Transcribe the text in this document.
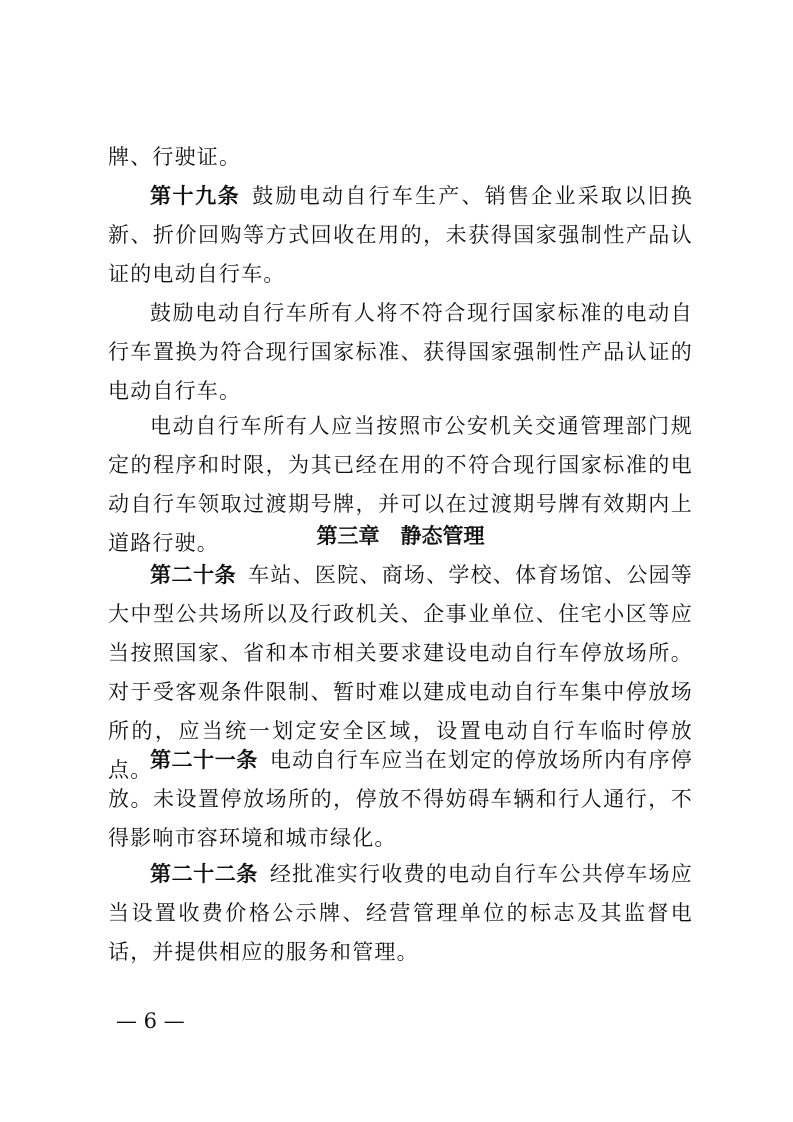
牌、行驶证。

第十九条 鼓励电动自行车生产、销售企业采取以旧换新、折价回购等方式回收在用的，未获得国家强制性产品认证的电动自行车。

鼓励电动自行车所有人将不符合现行国家标准的电动自行车置换为符合现行国家标准、获得国家强制性产品认证的电动自行车。

电动自行车所有人应当按照市公安机关交通管理部门规定的程序和时限，为其已经在用的不符合现行国家标准的电动自行车领取过渡期号牌，并可以在过渡期号牌有效期内上道路行驶。	第三章　静态管理

第二十条 车站、医院、商场、学校、体育场馆、公园等大中型公共场所以及行政机关、企事业单位、住宅小区等应当按照国家、省和本市相关要求建设电动自行车停放场所。对于受客观条件限制、暂时难以建成电动自行车集中停放场所的，应当统一划定安全区域，设置电动自行车临时停放点。

第二十一条 电动自行车应当在划定的停放场所内有序停放。未设置停放场所的，停放不得妨碍车辆和行人通行，不得影响市容环境和城市绿化。

第二十二条 经批准实行收费的电动自行车公共停车场应当设置收费价格公示牌、经营管理单位的标志及其监督电话，并提供相应的服务和管理。

— 6 —
